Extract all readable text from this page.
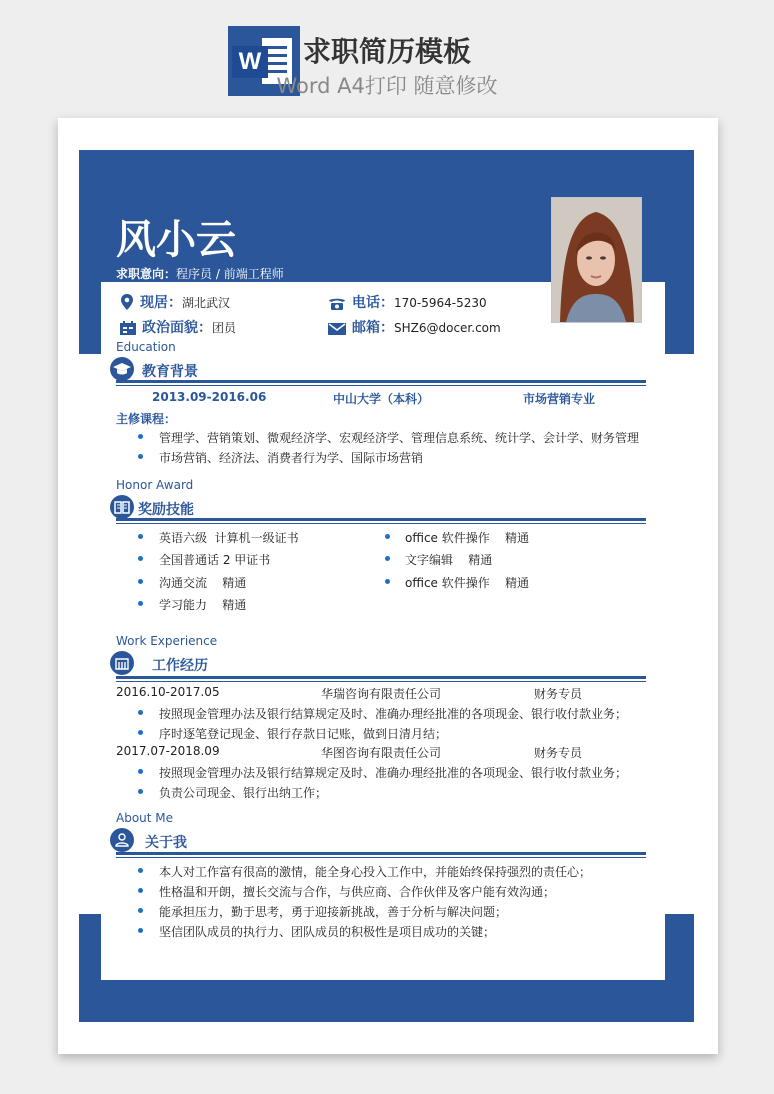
W	求职简历模板
Word A4打印 随意修改
风小云
求职意向：程序员 / 前端工程师
现居：湖北武汉
政治面貌：团员
电话：170-5964-5230
邮箱：SHZ6@docer.com
Education
教育背景
2013.09-2016.06	中山大学（本科）	市场营销专业
主修课程：
管理学、营销策划、微观经济学、宏观经济学、管理信息系统、统计学、会计学、财务管理
市场营销、经济法、消费者行为学、国际市场营销
Honor Award
奖励技能
英语六级  计算机一级证书
全国普通话 2 甲证书
沟通交流    精通
学习能力    精通
office 软件操作    精通
文字编辑    精通
office 软件操作    精通
Work Experience
工作经历
2016.10-2017.05	华瑞咨询有限责任公司	财务专员
按照现金管理办法及银行结算规定及时、准确办理经批准的各项现金、银行收付款业务；
序时逐笔登记现金、银行存款日记账，做到日清月结；
2017.07-2018.09	华图咨询有限责任公司	财务专员
按照现金管理办法及银行结算规定及时、准确办理经批准的各项现金、银行收付款业务；
负责公司现金、银行出纳工作；
About Me
关于我
本人对工作富有很高的激情，能全身心投入工作中，并能始终保持强烈的责任心；
性格温和开朗，擅长交流与合作，与供应商、合作伙伴及客户能有效沟通；
能承担压力，勤于思考，勇于迎接新挑战，善于分析与解决问题；
坚信团队成员的执行力、团队成员的积极性是项目成功的关键；
